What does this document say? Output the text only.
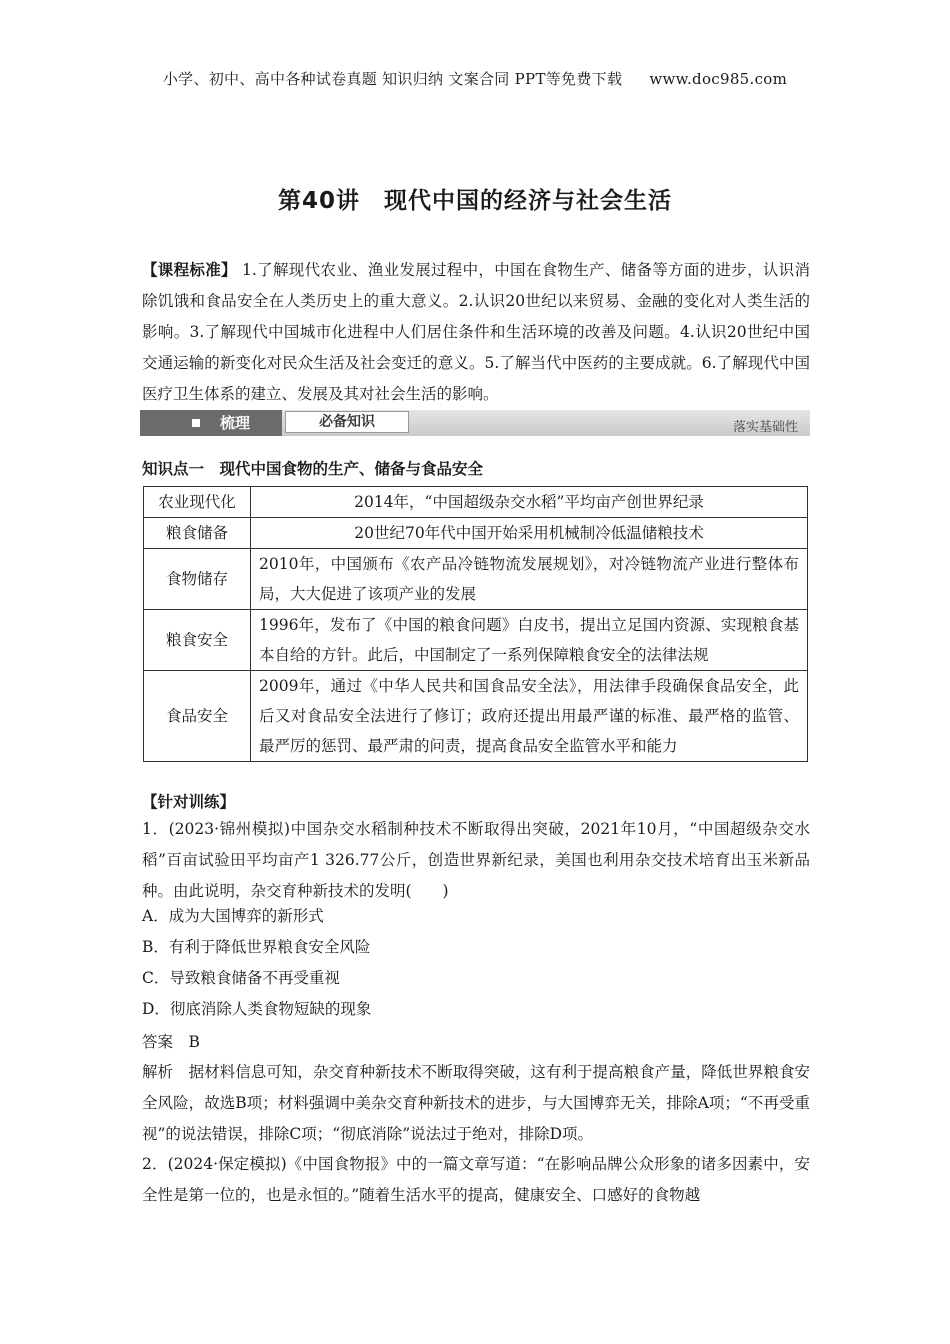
小学、初中、高中各种试卷真题 知识归纳 文案合同 PPT等免费下载 www.doc985.com
第40讲　现代中国的经济与社会生活
【课程标准】 1.了解现代农业、渔业发展过程中，中国在食物生产、储备等方面的进步，认识消除饥饿和食品安全在人类历史上的重大意义。2.认识20世纪以来贸易、金融的变化对人类生活的影响。3.了解现代中国城市化进程中人们居住条件和生活环境的改善及问题。4.认识20世纪中国交通运输的新变化对民众生活及社会变迁的意义。5.了解当代中医药的主要成就。6.了解现代中国医疗卫生体系的建立、发展及其对社会生活的影响。
梳理	必备知识	落实基础性
知识点一　现代中国食物的生产、储备与食品安全
农业现代化	2014年，“中国超级杂交水稻”平均亩产创世界纪录
粮食储备	20世纪70年代中国开始采用机械制冷低温储粮技术
食物储存	2010年，中国颁布《农产品冷链物流发展规划》，对冷链物流产业进行整体布局，大大促进了该项产业的发展
粮食安全	1996年，发布了《中国的粮食问题》白皮书，提出立足国内资源、实现粮食基本自给的方针。此后，中国制定了一系列保障粮食安全的法律法规
食品安全	2009年，通过《中华人民共和国食品安全法》，用法律手段确保食品安全，此后又对食品安全法进行了修订；政府还提出用最严谨的标准、最严格的监管、最严厉的惩罚、最严肃的问责，提高食品安全监管水平和能力
【针对训练】
1．(2023·锦州模拟)中国杂交水稻制种技术不断取得出突破，2021年10月，“中国超级杂交水稻”百亩试验田平均亩产1 326.77公斤，创造世界新纪录，美国也利用杂交技术培育出玉米新品种。由此说明，杂交育种新技术的发明(　　)
A．成为大国博弈的新形式
B．有利于降低世界粮食安全风险
C．导致粮食储备不再受重视
D．彻底消除人类食物短缺的现象
答案　B
解析　据材料信息可知，杂交育种新技术不断取得突破，这有利于提高粮食产量，降低世界粮食安全风险，故选B项；材料强调中美杂交育种新技术的进步，与大国博弈无关，排除A项；“不再受重视”的说法错误，排除C项；“彻底消除”说法过于绝对，排除D项。
2．(2024·保定模拟)《中国食物报》中的一篇文章写道：“在影响品牌公众形象的诸多因素中，安全性是第一位的，也是永恒的。”随着生活水平的提高，健康安全、口感好的食物越
